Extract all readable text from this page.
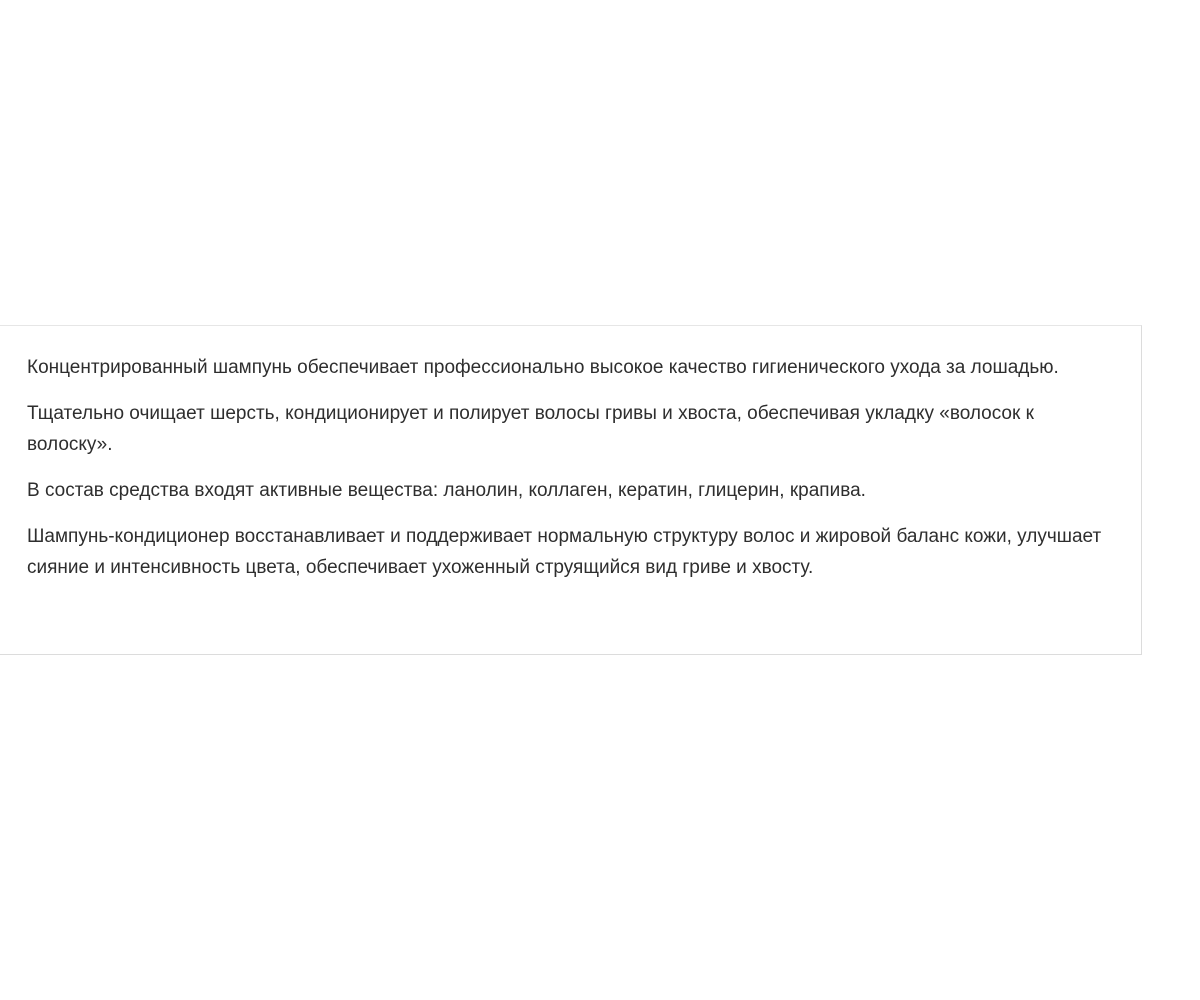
Концентрированный шампунь обеспечивает профессионально высокое качество гигиенического ухода за лошадью.

Тщательно очищает шерсть, кондиционирует и полирует волосы гривы и хвоста, обеспечивая укладку «волосок к волоску».

В состав средства входят активные вещества: ланолин, коллаген, кератин, глицерин, крапива.

Шампунь-кондиционер восстанавливает и поддерживает нормальную структуру волос и жировой баланс кожи, улучшает сияние и интенсивность цвета, обеспечивает ухоженный струящийся вид гриве и хвосту.
